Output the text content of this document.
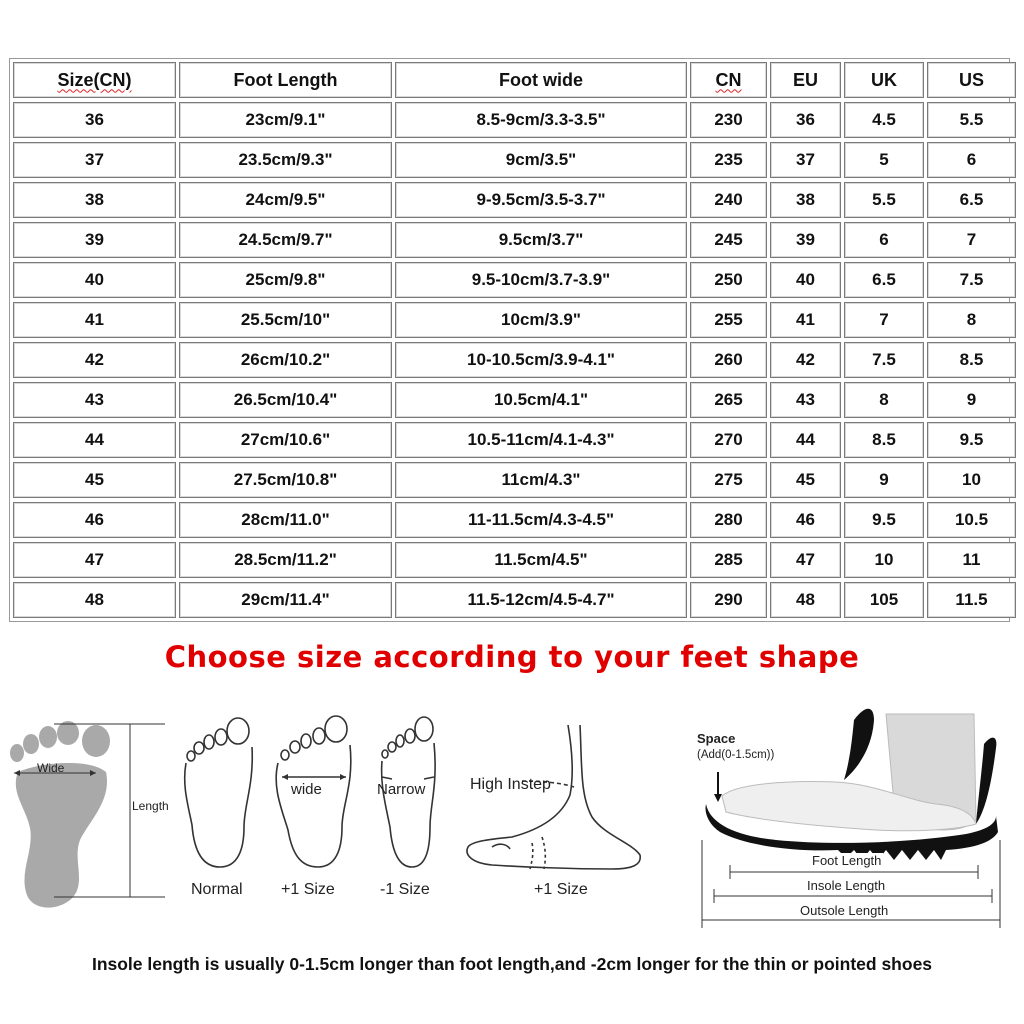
Size(CN)	Foot Length	Foot wide	CN	EU	UK	US
36	23cm/9.1"	8.5-9cm/3.3-3.5"	230	36	4.5	5.5
37	23.5cm/9.3"	9cm/3.5"	235	37	5	6
38	24cm/9.5"	9-9.5cm/3.5-3.7"	240	38	5.5	6.5
39	24.5cm/9.7"	9.5cm/3.7"	245	39	6	7
40	25cm/9.8"	9.5-10cm/3.7-3.9"	250	40	6.5	7.5
41	25.5cm/10"	10cm/3.9"	255	41	7	8
42	26cm/10.2"	10-10.5cm/3.9-4.1"	260	42	7.5	8.5
43	26.5cm/10.4"	10.5cm/4.1"	265	43	8	9
44	27cm/10.6"	10.5-11cm/4.1-4.3"	270	44	8.5	9.5
45	27.5cm/10.8"	11cm/4.3"	275	45	9	10
46	28cm/11.0"	11-11.5cm/4.3-4.5"	280	46	9.5	10.5
47	28.5cm/11.2"	11.5cm/4.5"	285	47	10	11
48	29cm/11.4"	11.5-12cm/4.5-4.7"	290	48	105	11.5
Choose size according to your feet shape
Wide
Length
Normal
wide
+1 Size
Narrow
-1 Size
High Instep
+1 Size
Space
(Add(0-1.5cm))
Foot Length
Insole Length
Outsole Length
Insole length is usually 0-1.5cm longer than foot length,and -2cm longer for the thin or pointed shoes
